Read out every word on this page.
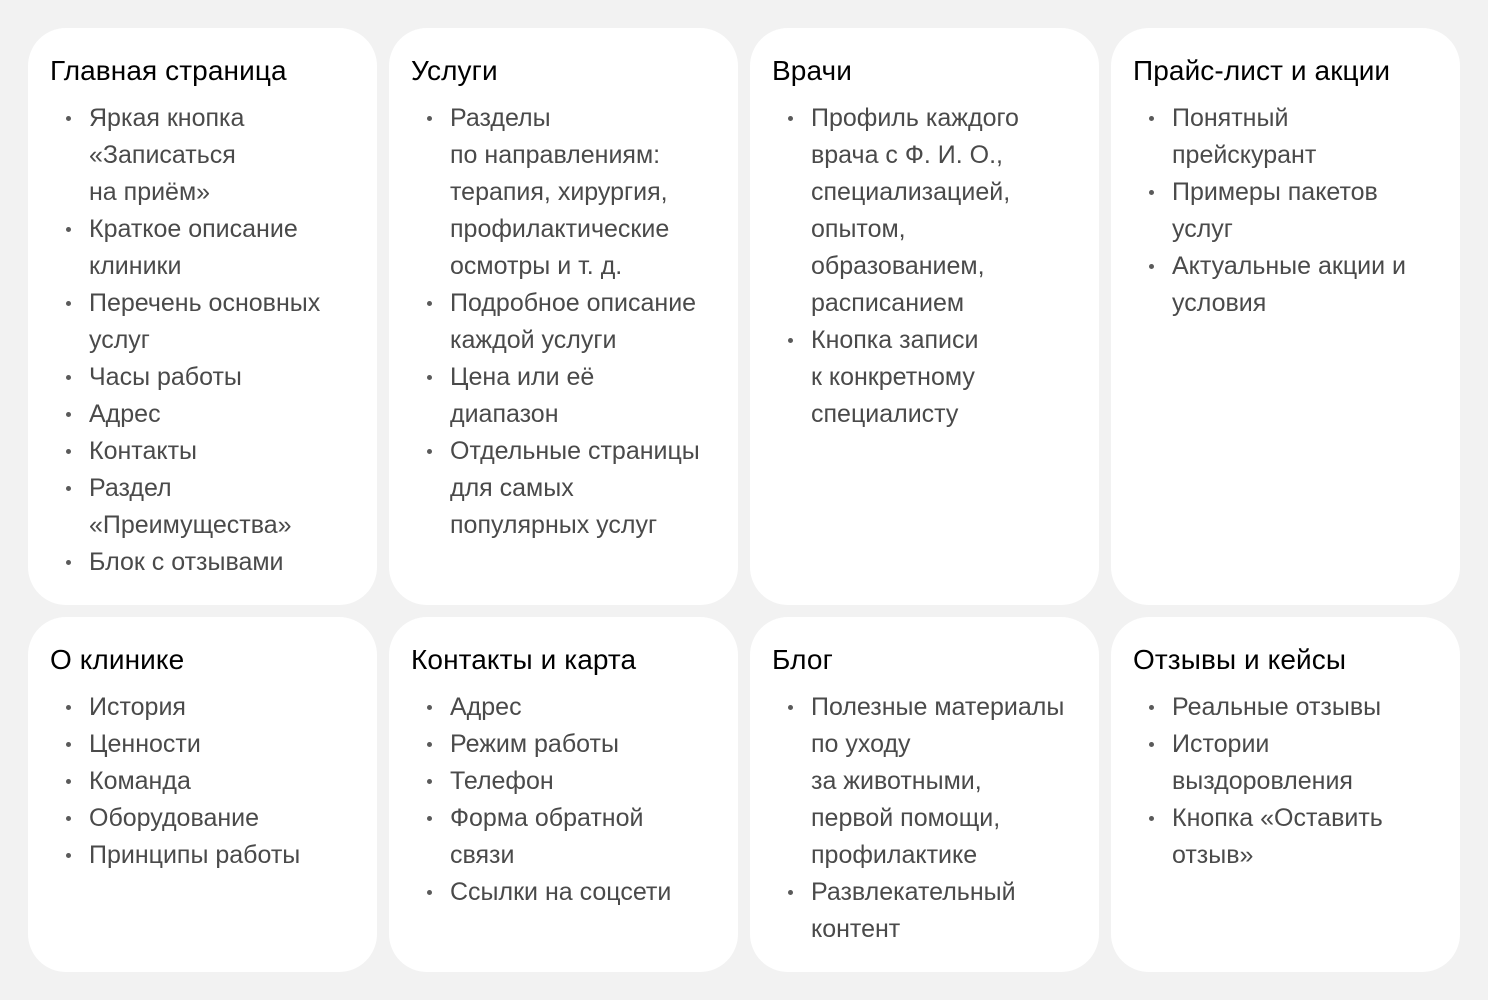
Главная страница
Яркая кнопка
«Записаться
на приём»
Краткое описание
клиники
Перечень основных
услуг
Часы работы
Адрес
Контакты
Раздел
«Преимущества»
Блок с отзывами
Услуги
Разделы
по направлениям:
терапия, хирургия,
профилактические
осмотры и т. д.
Подробное описание
каждой услуги
Цена или её
диапазон
Отдельные страницы
для самых
популярных услуг
Врачи
Профиль каждого
врача с Ф. И. О.,
специализацией,
опытом,
образованием,
расписанием
Кнопка записи
к конкретному
специалисту
Прайс-лист и акции
Понятный
прейскурант
Примеры пакетов
услуг
Актуальные акции и
условия
О клинике
История
Ценности
Команда
Оборудование
Принципы работы
Контакты и карта
Адрес
Режим работы
Телефон
Форма обратной
связи
Ссылки на соцсети
Блог
Полезные материалы
по уходу
за животными,
первой помощи,
профилактике
Развлекательный
контент
Отзывы и кейсы
Реальные отзывы
Истории
выздоровления
Кнопка «Оставить
отзыв»
